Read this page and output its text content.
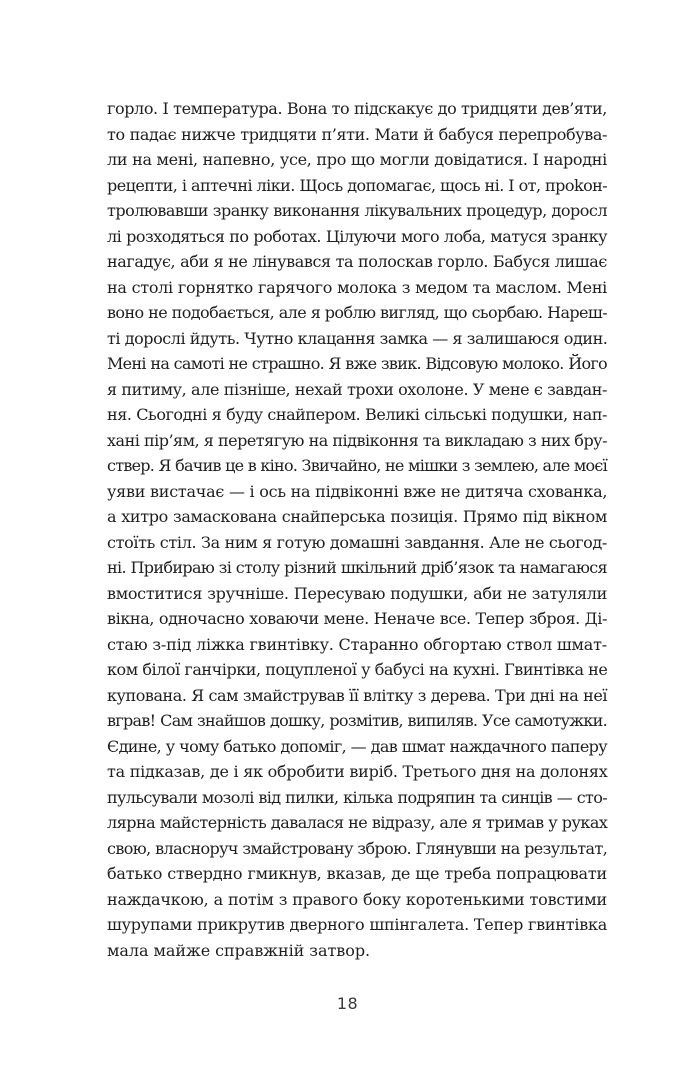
горло. І температура. Вона то підскакує до тридцяти дев’яти,
то падає нижче тридцяти п’яти. Мати й бабуся перепробува-
ли на мені, напевно, усе, про що могли довідатися. І народні
рецепти, і аптечні ліки. Щось допомагає, щось ні. І от, проkон-
тролювавши зранку виконання лікувальних процедур, доросл
лі розходяться по роботах. Цілуючи мого лоба, матуся зранку
нагадує, аби я не лінувався та полоскав горло. Бабуся лишає
на столі горнятко гарячого молока з медом та маслом. Мені
воно не подобається, але я роблю вигляд, що сьорбаю. Нареш-
ті дорослі йдуть. Чутно клацання замка — я залишаюся один.
Мені на самоті не страшно. Я вже звик. Відсовую молоко. Його
я питиму, але пізніше, нехай трохи охолоне. У мене є завдан-
ня. Сьогодні я буду снайпером. Великі сільські подушки, нап-
хані пір’ям, я перетягую на підвіконня та викладаю з них бру-
ствер. Я бачив це в кіно. Звичайно, не мішки з землею, але моєї
уяви вистачає — і ось на підвіконні вже не дитяча схованка,
а хитро замаскована снайперська позиція. Прямо під вікном
стоїть стіл. За ним я готую домашні завдання. Але не сьогод-
ні. Прибираю зі столу різний шкільний дріб’язок та намагаюся
вмоститися зручніше. Пересуваю подушки, аби не затуляли
вікна, одночасно ховаючи мене. Неначе все. Тепер зброя. Ді-
стаю з-під ліжка гвинтівку. Старанно обгортаю ствол шмат-
ком білої ганчірки, поцупленої у бабусі на кухні. Гвинтівка не
купована. Я сам змайстрував її влітку з дерева. Три дні на неї
вграв! Сам знайшов дошку, розмітив, випиляв. Усе самотужки.
Єдине, у чому батько допоміг, — дав шмат наждачного паперу
та підказав, де і як обробити виріб. Третього дня на долонях
пульсували мозолі від пилки, кілька подряпин та синців — сто-
лярна майстерність давалася не відразу, але я тримав у руках
свою, власноруч змайстровану зброю. Глянувши на результат,
батько ствердно гмикнув, вказав, де ще треба попрацювати
наждачкою, а потім з правого боку коротенькими товстими
шурупами прикрутив дверного шпінгалета. Тепер гвинтівка
мала майже справжній затвор.
18
